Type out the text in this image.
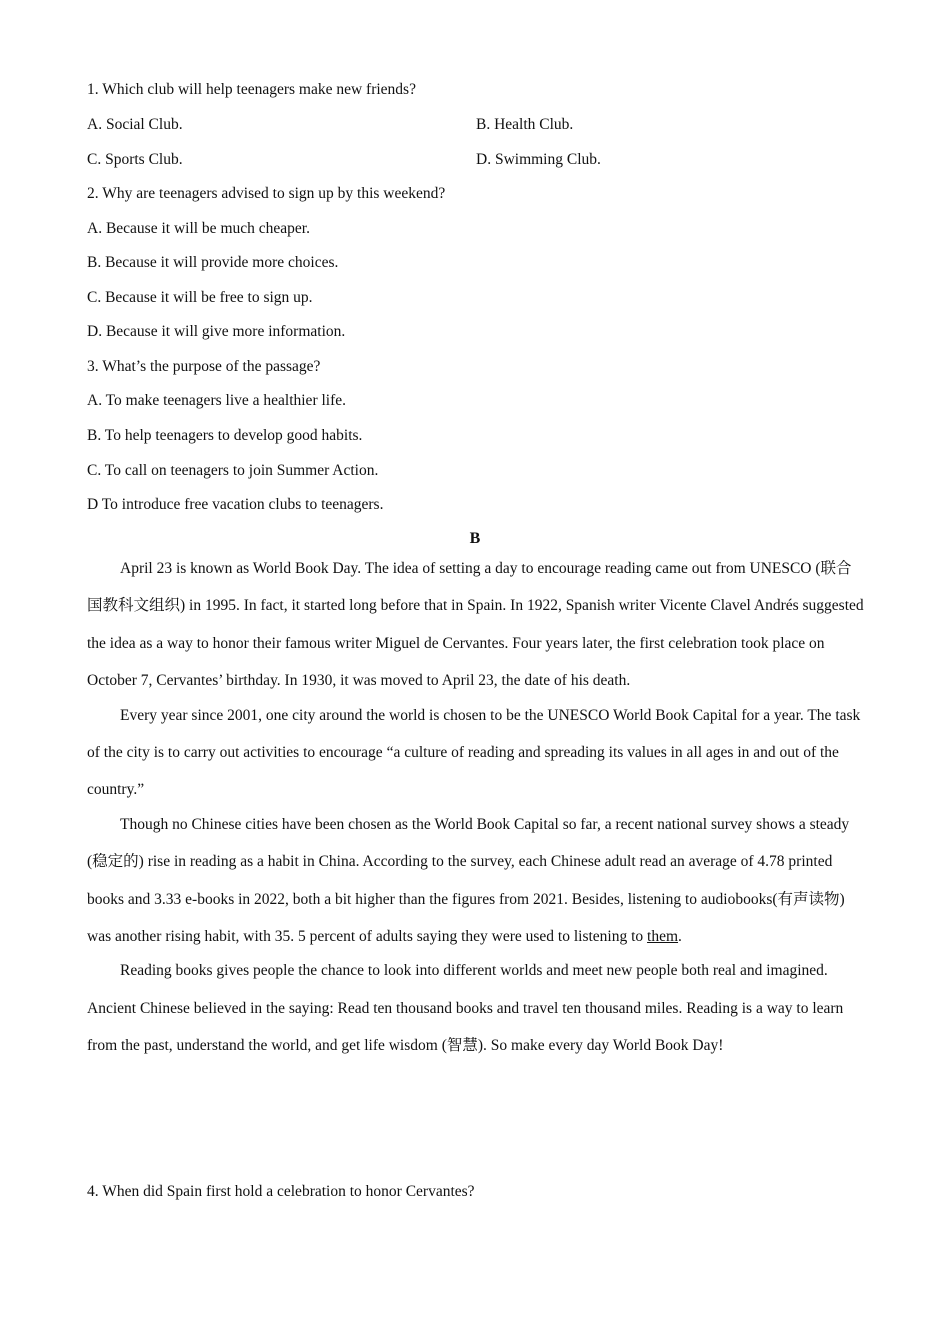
1. Which club will help teenagers make new friends?
A. Social Club.	B. Health Club.
C. Sports Club.	D. Swimming Club.
2. Why are teenagers advised to sign up by this weekend?
A. Because it will be much cheaper.
B. Because it will provide more choices.
C. Because it will be free to sign up.
D. Because it will give more information.
3. What’s the purpose of the passage?
A. To make teenagers live a healthier life.
B. To help teenagers to develop good habits.
C. To call on teenagers to join Summer Action.
D To introduce free vacation clubs to teenagers.
B

April 23 is known as World Book Day. The idea of setting a day to encourage reading came out from UNESCO (联合国教科文组织) in 1995. In fact, it started long before that in Spain. In 1922, Spanish writer Vicente Clavel Andrés suggested the idea as a way to honor their famous writer Miguel de Cervantes. Four years later, the first celebration took place on October 7, Cervantes’ birthday. In 1930, it was moved to April 23, the date of his death.

Every year since 2001, one city around the world is chosen to be the UNESCO World Book Capital for a year. The task of the city is to carry out activities to encourage “a culture of reading and spreading its values in all ages in and out of the country.”

Though no Chinese cities have been chosen as the World Book Capital so far, a recent national survey shows a steady (稳定的) rise in reading as a habit in China. According to the survey, each Chinese adult read an average of 4.78 printed books and 3.33 e-books in 2022, both a bit higher than the figures from 2021. Besides, listening to audiobooks(有声读物) was another rising habit, with 35. 5 percent of adults saying they were used to listening to them.

Reading books gives people the chance to look into different worlds and meet new people both real and imagined. Ancient Chinese believed in the saying: Read ten thousand books and travel ten thousand miles. Reading is a way to learn from the past, understand the world, and get life wisdom (智慧). So make every day World Book Day!

4. When did Spain first hold a celebration to honor Cervantes?
